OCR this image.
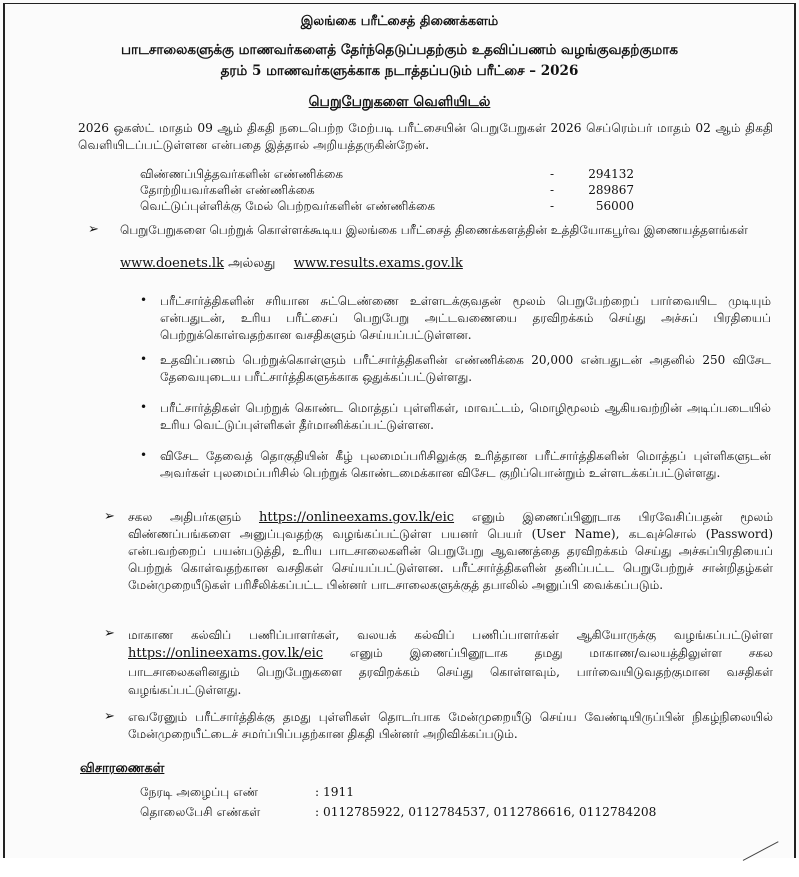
இலங்கை பரீட்சைத் திணைக்களம்
பாடசாலைகளுக்கு மாணவர்களைத் தேர்ந்தெடுப்பதற்கும் உதவிப்பணம் வழங்குவதற்குமாக
தரம் 5 மாணவர்களுக்காக நடாத்தப்படும் பரீட்சை – 2026
பெறுபேறுகளை வெளியிடல்
2026 ஒகஸ்ட் மாதம் 09 ஆம் திகதி நடைபெற்ற மேற்படி பரீட்சையின் பெறுபேறுகள் 2026 செப்ரெம்பர் மாதம் 02 ஆம் திகதி வெளியிடப்பட்டுள்ளன என்பதை இத்தால் அறியத்தருகின்றேன்.
விண்ணப்பித்தவர்களின் எண்ணிக்கை	-	294132
தோற்றியவர்களின் எண்ணிக்கை	-	289867
வெட்டுப்புள்ளிக்கு மேல் பெற்றவர்களின் எண்ணிக்கை	-	56000
➢ பெறுபேறுகளை பெற்றுக் கொள்ளக்கூடிய இலங்கை பரீட்சைத் திணைக்களத்தின் உத்தியோகபூர்வ இணையத்தளங்கள்
www.doenets.lk அல்லது www.results.exams.gov.lk
• பரீட்சார்த்திகளின் சரியான சுட்டெண்ணை உள்ளடக்குவதன் மூலம் பெறுபேற்றைப் பார்வையிட முடியும் என்பதுடன், உரிய பரீட்சைப் பெறுபேறு அட்டவணையை தரவிறக்கம் செய்து அச்சுப் பிரதியைப் பெற்றுக்கொள்வதற்கான வசதிகளும் செய்யப்பட்டுள்ளன.
• உதவிப்பணம் பெற்றுக்கொள்ளும் பரீட்சார்த்திகளின் எண்ணிக்கை 20,000 என்பதுடன் அதனில் 250 விசேட தேவையுடைய பரீட்சார்த்திகளுக்காக ஒதுக்கப்பட்டுள்ளது.
• பரீட்சார்த்திகள் பெற்றுக் கொண்ட மொத்தப் புள்ளிகள், மாவட்டம், மொழிமூலம் ஆகியவற்றின் அடிப்படையில் உரிய வெட்டுப்புள்ளிகள் தீர்மானிக்கப்பட்டுள்ளன.
• விசேட தேவைத் தொகுதியின் கீழ் புலமைப்பரிசிலுக்கு உரித்தான பரீட்சார்த்திகளின் மொத்தப் புள்ளிகளுடன் அவர்கள் புலமைப்பரிசில் பெற்றுக் கொண்டமைக்கான விசேட குறிப்பொன்றும் உள்ளடக்கப்பட்டுள்ளது.
➢ சகல அதிபர்களும் https://onlineexams.gov.lk/eic எனும் இணைப்பினூடாக பிரவேசிப்பதன் மூலம் விண்ணப்பங்களை அனுப்புவதற்கு வழங்கப்பட்டுள்ள பயனர் பெயர் (User Name), கடவுச்சொல் (Password) என்பவற்றைப் பயன்படுத்தி, உரிய பாடசாலைகளின் பெறுபேறு ஆவணத்தை தரவிறக்கம் செய்து அச்சுப்பிரதியைப் பெற்றுக் கொள்வதற்கான வசதிகள் செய்யப்பட்டுள்ளன. பரீட்சார்த்திகளின் தனிப்பட்ட பெறுபேற்றுச் சான்றிதழ்கள் மேன்முறையீடுகள் பரிசீலிக்கப்பட்ட பின்னர் பாடசாலைகளுக்குத் தபாலில் அனுப்பி வைக்கப்படும்.
➢ மாகாண கல்விப் பணிப்பாளர்கள், வலயக் கல்விப் பணிப்பாளர்கள் ஆகியோருக்கு வழங்கப்பட்டுள்ள https://onlineexams.gov.lk/eic எனும் இணைப்பினூடாக தமது மாகாண/வலயத்திலுள்ள சகல பாடசாலைகளினதும் பெறுபேறுகளை தரவிறக்கம் செய்து கொள்ளவும், பார்வையிடுவதற்குமான வசதிகள் வழங்கப்பட்டுள்ளது.
➢ எவரேனும் பரீட்சார்த்திக்கு தமது புள்ளிகள் தொடர்பாக மேன்முறையீடு செய்ய வேண்டியிருப்பின் நிகழ்நிலையில் மேன்முறையீட்டைச் சமர்ப்பிப்பதற்கான திகதி பின்னர் அறிவிக்கப்படும்.
விசாரணைகள்
நேரடி அழைப்பு எண்	: 1911
தொலைபேசி எண்கள்	: 0112785922, 0112784537, 0112786616, 0112784208
